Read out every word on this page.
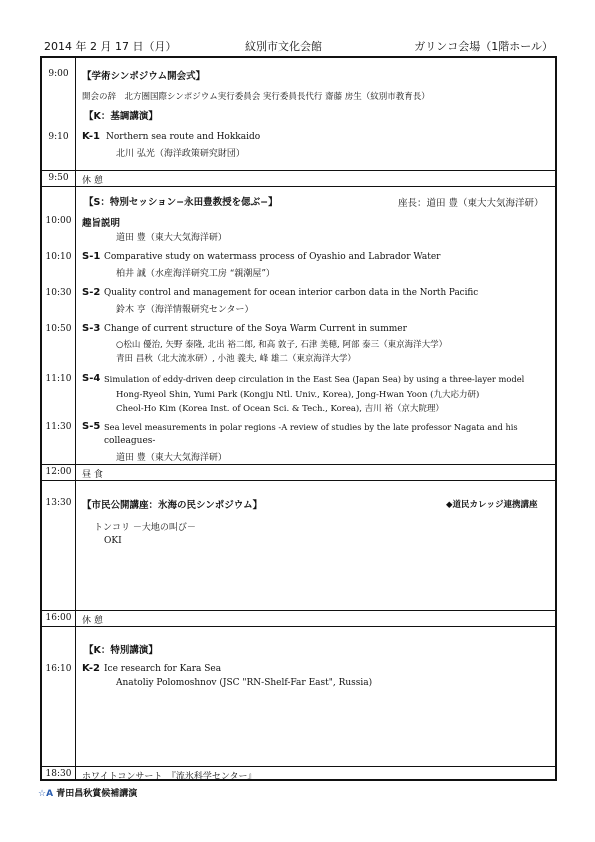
2014 年 2 月 17 日（月）	紋別市文化会館	ガリンコ会場（1階ホール）
9:00	【学術シンポジウム開会式】
開会の辞　北方圏国際シンポジウム実行委員会 実行委員長代行 齋藤 房生（紋別市教育長）
【K：基調講演】
9:10	K-1 Northern sea route and Hokkaido
北川 弘光（海洋政策研究財団）
9:50	休 憩
【S：特別セッション−永田豊教授を偲ぶ−】	座長：道田 豊（東大大気海洋研）
10:00	趣旨説明
道田 豊（東大大気海洋研）
10:10	S-1 Comparative study on watermass process of Oyashio and Labrador Water
柏井 誠（水産海洋研究工房 “親潮屋”）
10:30	S-2 Quality control and management for ocean interior carbon data in the North Pacific
鈴木 亨（海洋情報研究センター）
10:50	S-3 Change of current structure of the Soya Warm Current in summer
○松山 優治, 矢野 泰隆, 北出 裕二郎, 和高 敦子, 石津 美穂, 阿部 泰三（東京海洋大学）
青田 昌秋（北大流氷研）, 小池 義夫, 峰 雄二（東京海洋大学）
11:10	S-4 Simulation of eddy-driven deep circulation in the East Sea (Japan Sea) by using a three-layer model
Hong-Ryeol Shin, Yumi Park (Kongju Ntl. Univ., Korea), Jong-Hwan Yoon (九大応力研)
Cheol-Ho Kim (Korea Inst. of Ocean Sci. & Tech., Korea), 吉川 裕（京大院理）
11:30	S-5 Sea level measurements in polar regions -A review of studies by the late professor Nagata and his
colleagues-
道田 豊（東大大気海洋研）
12:00	昼 食
13:30	【市民公開講座：氷海の民シンポジウム】	◆道民カレッジ連携講座
トンコリ －大地の叫び－
OKI
16:00	休 憩
【K：特別講演】
16:10	K-2 Ice research for Kara Sea
Anatoliy Polomoshnov (JSC "RN-Shelf-Far East", Russia)
18:30	ホワイトコンサート　『流氷科学センター』
☆A 青田昌秋賞候補講演
